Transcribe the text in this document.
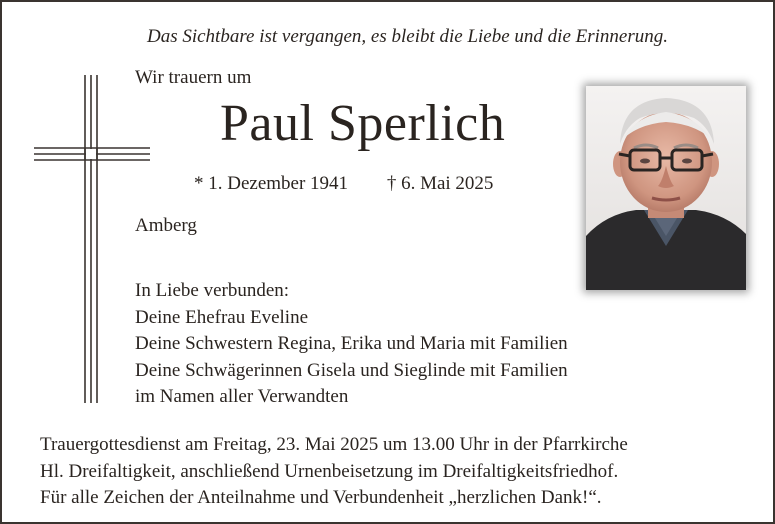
Das Sichtbare ist vergangen, es bleibt die Liebe und die Erinnerung.
Wir trauern um
Paul Sperlich
* 1. Dezember 1941 † 6. Mai 2025
Amberg
In Liebe verbunden:
Deine Ehefrau Eveline
Deine Schwestern Regina, Erika und Maria mit Familien
Deine Schwägerinnen Gisela und Sieglinde mit Familien
im Namen aller Verwandten
Trauergottesdienst am Freitag, 23. Mai 2025 um 13.00 Uhr in der Pfarrkirche
Hl. Dreifaltigkeit, anschließend Urnenbeisetzung im Dreifaltigkeitsfriedhof.
Für alle Zeichen der Anteilnahme und Verbundenheit „herzlichen Dank!“.
